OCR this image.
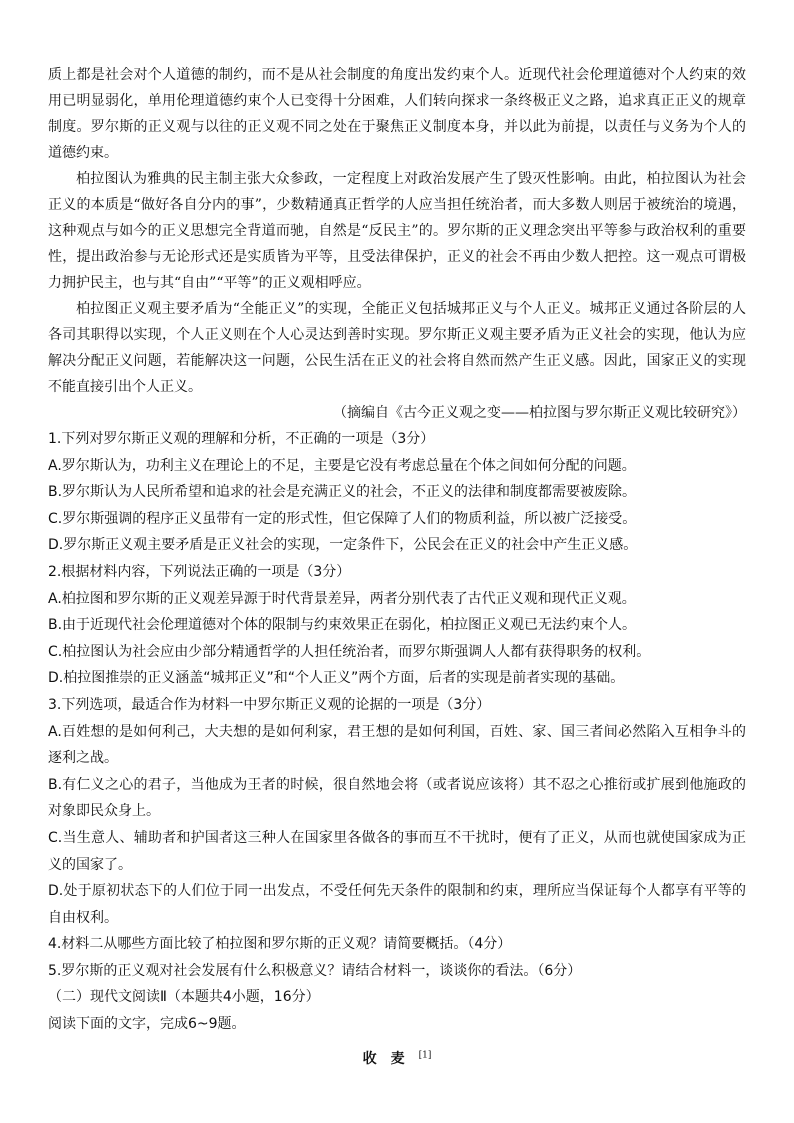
质上都是社会对个人道德的制约，而不是从社会制度的角度出发约束个人。近现代社会伦理道德对个人约束的效用已明显弱化，单用伦理道德约束个人已变得十分困难，人们转向探求一条终极正义之路，追求真正正义的规章制度。罗尔斯的正义观与以往的正义观不同之处在于聚焦正义制度本身，并以此为前提，以责任与义务为个人的道德约束。

柏拉图认为雅典的民主制主张大众参政，一定程度上对政治发展产生了毁灭性影响。由此，柏拉图认为社会正义的本质是“做好各自分内的事”，少数精通真正哲学的人应当担任统治者，而大多数人则居于被统治的境遇，这种观点与如今的正义思想完全背道而驰，自然是“反民主”的。罗尔斯的正义理念突出平等参与政治权利的重要性，提出政治参与无论形式还是实质皆为平等，且受法律保护，正义的社会不再由少数人把控。这一观点可谓极力拥护民主，也与其“自由”“平等”的正义观相呼应。

柏拉图正义观主要矛盾为“全能正义”的实现，全能正义包括城邦正义与个人正义。城邦正义通过各阶层的人各司其职得以实现，个人正义则在个人心灵达到善时实现。罗尔斯正义观主要矛盾为正义社会的实现，他认为应解决分配正义问题，若能解决这一问题，公民生活在正义的社会将自然而然产生正义感。因此，国家正义的实现不能直接引出个人正义。

（摘编自《古今正义观之变——柏拉图与罗尔斯正义观比较研究》）

1.下列对罗尔斯正义观的理解和分析，不正确的一项是（3分）

A.罗尔斯认为，功利主义在理论上的不足，主要是它没有考虑总量在个体之间如何分配的问题。

B.罗尔斯认为人民所希望和追求的社会是充满正义的社会，不正义的法律和制度都需要被废除。

C.罗尔斯强调的程序正义虽带有一定的形式性，但它保障了人们的物质利益，所以被广泛接受。

D.罗尔斯正义观主要矛盾是正义社会的实现，一定条件下，公民会在正义的社会中产生正义感。

2.根据材料内容，下列说法正确的一项是（3分）

A.柏拉图和罗尔斯的正义观差异源于时代背景差异，两者分别代表了古代正义观和现代正义观。

B.由于近现代社会伦理道德对个体的限制与约束效果正在弱化，柏拉图正义观已无法约束个人。

C.柏拉图认为社会应由少部分精通哲学的人担任统治者，而罗尔斯强调人人都有获得职务的权利。

D.柏拉图推崇的正义涵盖“城邦正义”和“个人正义”两个方面，后者的实现是前者实现的基础。

3.下列选项，最适合作为材料一中罗尔斯正义观的论据的一项是（3分）

A.百姓想的是如何利己，大夫想的是如何利家，君王想的是如何利国，百姓、家、国三者间必然陷入互相争斗的逐利之战。

B.有仁义之心的君子，当他成为王者的时候，很自然地会将（或者说应该将）其不忍之心推衍或扩展到他施政的对象即民众身上。

C.当生意人、辅助者和护国者这三种人在国家里各做各的事而互不干扰时，便有了正义，从而也就使国家成为正义的国家了。

D.处于原初状态下的人们位于同一出发点，不受任何先天条件的限制和约束，理所应当保证每个人都享有平等的自由权利。

4.材料二从哪些方面比较了柏拉图和罗尔斯的正义观？请简要概括。（4分）

5.罗尔斯的正义观对社会发展有什么积极意义？请结合材料一，谈谈你的看法。（6分）

（二）现代文阅读Ⅱ（本题共4小题，16分）

阅读下面的文字，完成6~9题。

收麦[1]
